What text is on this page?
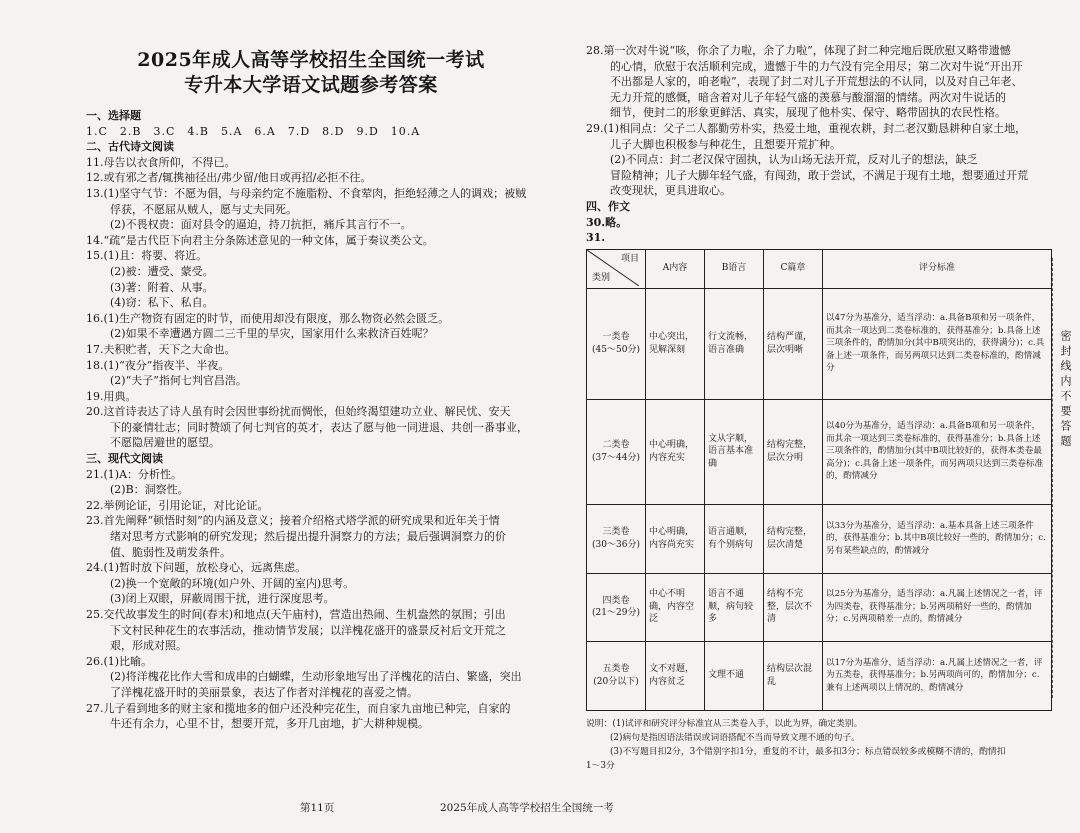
2025年成人高等学校招生全国统一考试

专升本大学语文试题参考答案

一、选择题

1.C　2.B　3.C　4.B　5.A　6.A　7.D　8.D　9.D　10.A

二、古代诗文阅读

11.母告以衣食所仰，不得已。

12.或有邪之者/辄携袖径出/弗少留/他日或再招/必拒不往。

13.(1)坚守气节：不愿为倡，与母亲约定不施脂粉、不食荤肉，拒绝轻薄之人的调戏；被贼

俘获，不愿屈从贼人，愿与丈夫同死。

(2)不畏权贵：面对县令的逼迫，持刀抗拒，痛斥其言行不一。

14.“疏”是古代臣下向君主分条陈述意见的一种文体，属于奏议类公文。

15.(1)且：将要、将近。

(2)被：遭受、蒙受。

(3)著：附着、从事。

(4)窃：私下、私自。

16.(1)生产物资有固定的时节，而使用却没有限度，那么物资必然会匮乏。

(2)如果不幸遭遇方圆二三千里的旱灾，国家用什么来救济百姓呢？

17.夫积贮者，天下之大命也。

18.(1)“夜分”指夜半、半夜。

(2)“夫子”指何七判官昌浩。

19.用典。

20.这首诗表达了诗人虽有时会因世事纷扰而惆怅，但始终渴望建功立业、解民忧、安天

下的豪情壮志；同时赞颂了何七判官的英才，表达了愿与他一同进退、共创一番事业，

不愿隐居避世的愿望。

三、现代文阅读

21.(1)A：分析性。

(2)B：洞察性。

22.举例论证，引用论证，对比论证。

23.首先阐释“顿悟时刻”的内涵及意义；接着介绍格式塔学派的研究成果和近年关于情

绪对思考方式影响的研究发现；然后提出提升洞察力的方法；最后强调洞察力的价

值、脆弱性及萌发条件。

24.(1)暂时放下问题，放松身心，远离焦虑。

(2)换一个宽敞的环境(如户外、开阔的室内)思考。

(3)闭上双眼，屏蔽周围干扰，进行深度思考。

25.交代故事发生的时间(春末)和地点(天午庙村)，营造出热闹、生机盎然的氛围；引出

下文村民种花生的农事活动，推动情节发展；以洋槐花盛开的盛景反衬后文开荒之

艰，形成对照。

26.(1)比喻。

(2)将洋槐花比作大雪和成串的白蝴蝶，生动形象地写出了洋槐花的洁白、繁盛，突出

了洋槐花盛开时的美丽景象，表达了作者对洋槐花的喜爱之情。

27.儿子看到地多的财主家和揽地多的佃户还没种完花生，而自家九亩地已种完，自家的

牛还有余力，心里不甘，想要开荒，多开几亩地，扩大耕种规模。

28.第一次对牛说“咳，你余了力啦，余了力啦”，体现了封二种完地后既欣慰又略带遗憾

的心情，欣慰于农活顺利完成，遗憾于牛的力气没有完全用尽；第二次对牛说“开出开

不出都是人家的，咱老啦”，表现了封二对儿子开荒想法的不认同，以及对自己年老、

无力开荒的感慨，暗含着对儿子年轻气盛的羡慕与酸溜溜的情绪。两次对牛说话的

细节，使封二的形象更鲜活、真实，展现了他朴实、保守、略带固执的农民性格。

29.(1)相同点：父子二人都勤劳朴实，热爱土地，重视农耕，封二老汉勤恳耕种自家土地，

儿子大脚也积极参与种花生，且想要开荒扩种。

(2)不同点：封二老汉保守固执，认为山场无法开荒，反对儿子的想法，缺乏

冒险精神；儿子大脚年轻气盛，有闯劲，敢于尝试，不满足于现有土地，想要通过开荒

改变现状，更具进取心。

四、作文

30.略。

31.

项目
类别	A内容	B语言	C篇章	评分标准

一类卷
(45～50分)	中心突出，见解深刻	行文流畅，语言准确	结构严谨，层次明晰	以47分为基准分，适当浮动：a.具备B项和另一项条件，而其余一项达到二类卷标准的，获得基准分；b.具备上述三项条件的，酌情加分(其中B项突出的，获得满分)；c.具备上述一项条件，而另两项只达到二类卷标准的，酌情减分

二类卷
(37～44分)	中心明确，内容充实	文从字顺，语言基本准确	结构完整，层次分明	以40分为基准分，适当浮动：a.具备B项和另一项条件，而其余一项达到三类卷标准的，获得基准分；b.具备上述三项条件的，酌情加分(其中B项比较好的，获得本类卷最高分)；c.具备上述一项条件，而另两项只达到三类卷标准的，酌情减分

三类卷
(30～36分)	中心明确，内容尚充实	语言通顺，有个别病句	结构完整，层次清楚	以33分为基准分，适当浮动：a.基本具备上述三项条件的，获得基准分；b.其中B项比较好一些的，酌情加分；c.另有某些缺点的，酌情减分

四类卷
(21～29分)	中心不明确，内容空泛	语言不通顺，病句较多	结构不完整，层次不清	以25分为基准分，适当浮动：a.凡属上述情况之一者，评为四类卷，获得基准分；b.另两项稍好一些的，酌情加分；c.另两项稍差一点的，酌情减分

五类卷
(20分以下)	文不对题，内容贫乏	文理不通	结构层次混乱	以17分为基准分，适当浮动：a.凡属上述情况之一者，评为五类卷，获得基准分；b.另两项尚可的，酌情加分；c.兼有上述两项以上情况的，酌情减分

说明：(1)试评和研究评分标准宜从三类卷入手，以此为界，确定类别。

(2)病句是指因语法错误或词语搭配不当而导致文理不通的句子。

(3)不写题目扣2分，3个错别字扣1分，重复的不计，最多扣3分；标点错误较多或模糊不清的，酌情扣

1～3分

密封线内不要答题
第11页	2025年成人高等学校招生全国统一考
